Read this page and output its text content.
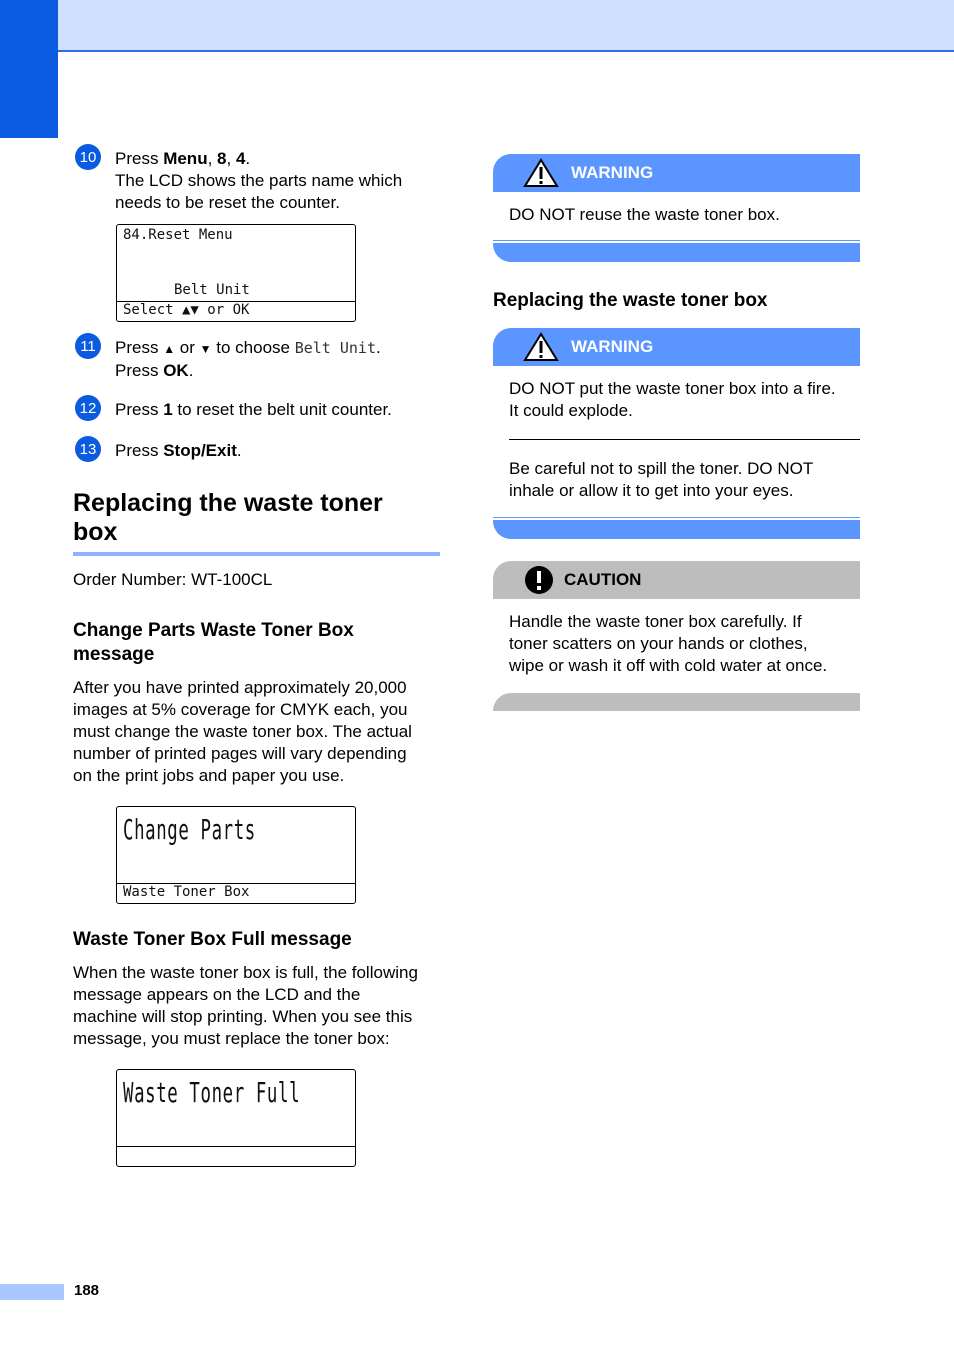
10 Press Menu, 8, 4.
The LCD shows the parts name which
needs to be reset the counter.
84.Reset Menu
Belt Unit
Select ▲▼ or OK
11	Press ▲ or ▼ to choose Belt Unit.
Press OK.
12 Press 1 to reset the belt unit counter.
13 Press Stop/Exit.
Replacing the waste toner
box
Order Number: WT-100CL
Change Parts Waste Toner Box
message
After you have printed approximately 20,000
images at 5% coverage for CMYK each, you
must change the waste toner box. The actual
number of printed pages will vary depending
on the print jobs and paper you use.
Change Parts
Waste Toner Box
Waste Toner Box Full message
When the waste toner box is full, the following
message appears on the LCD and the
machine will stop printing. When you see this
message, you must replace the toner box:
Waste Toner Full
WARNING
DO NOT reuse the waste toner box.
Replacing the waste toner box
WARNING
DO NOT put the waste toner box into a fire.
It could explode.
Be careful not to spill the toner. DO NOT
inhale or allow it to get into your eyes.
CAUTION
Handle the waste toner box carefully. If
toner scatters on your hands or clothes,
wipe or wash it off with cold water at once.
188
